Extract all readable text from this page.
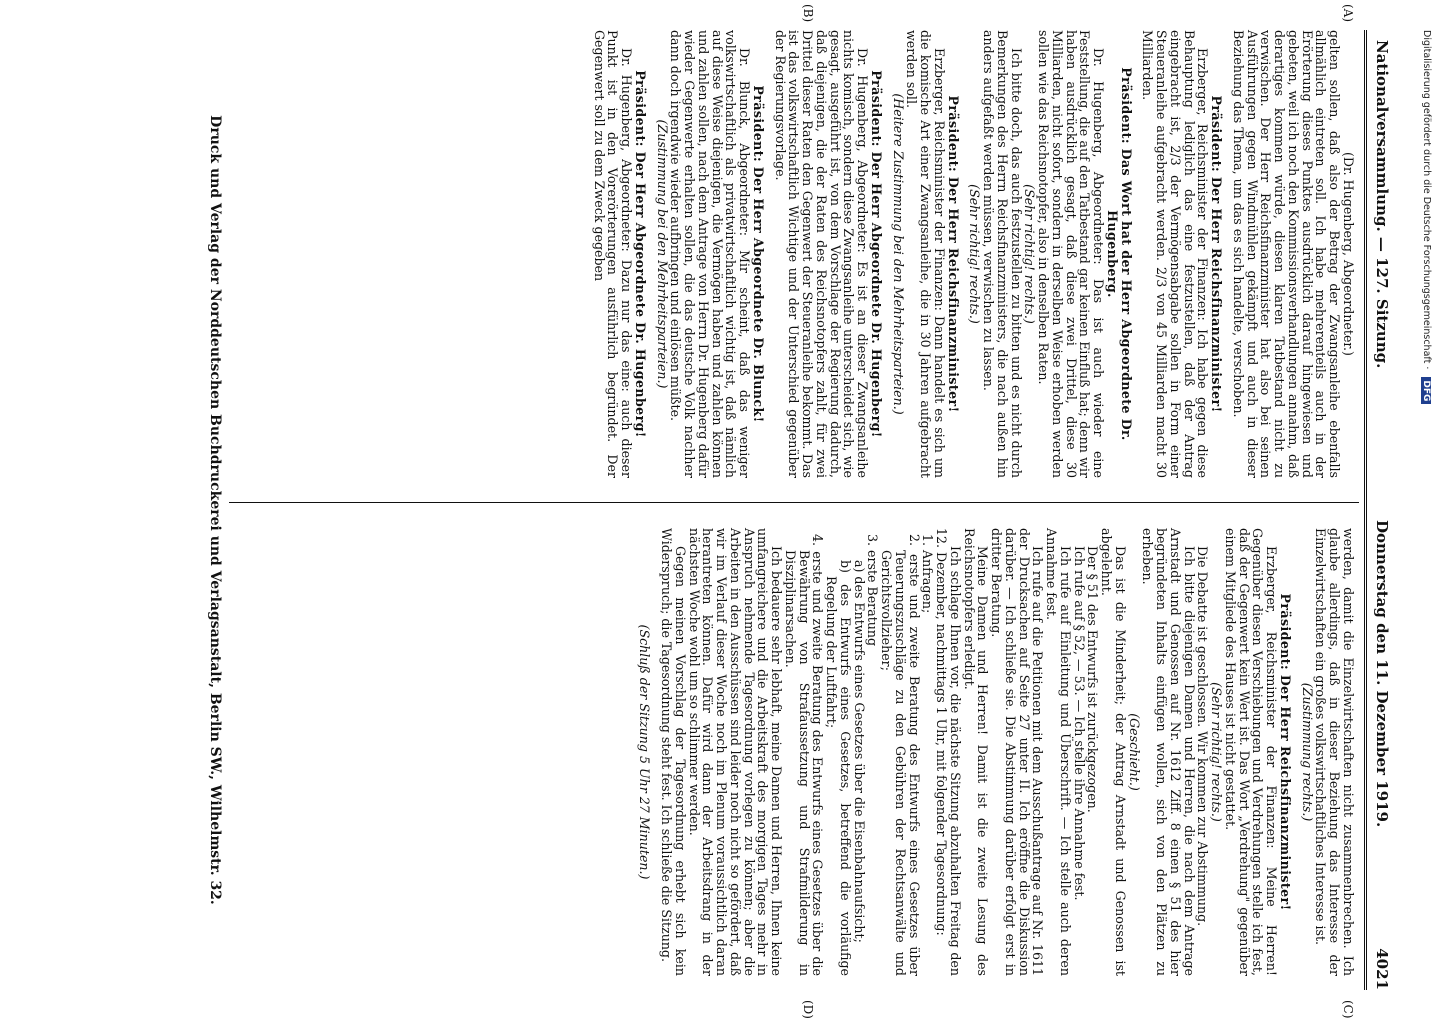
Nationalversammlung. — 127. Sitzung.
Donnerstag den 11. Dezember 1919.
4021
(A)
(B)
(C)
(D)

(Dr. Hugenberg, Abgeordneter.)

gelten sollen, daß also der Betrag der Zwangsanleihe ebenfalls allmählich eintreten soll. Ich habe mehrerenteils auch in der Erörterung dieses Punktes ausdrücklich darauf hingewiesen und gebeten, weil ich noch den Kommissionsverhandlungen annahm, daß derartiges kommen würde, diesen klaren Tatbestand nicht zu verwischen. Der Herr Reichsfinanzminister hat also bei seinen Ausführungen gegen Windmühlen gekämpft und auch in dieser Beziehung das Thema, um das es sich handelte, verschoben.

Präsident: Der Herr Reichsfinanzminister!

Erzberger, Reichsminister der Finanzen: Ich habe gegen diese Behauptung lediglich das eine festzustellen, daß der Antrag eingebracht ist, 2/3 der Vermögensabgabe sollen in Form einer Steueranleihe aufgebracht werden. 2/3 von 45 Milliarden macht 30 Milliarden.

Präsident: Das Wort hat der Herr Abgeordnete Dr. Hugenberg.

Dr. Hugenberg, Abgeordneter: Das ist auch wieder eine Feststellung, die auf den Tatbestand gar keinen Einfluß hat; denn wir haben ausdrücklich gesagt, daß diese zwei Drittel, diese 30 Milliarden, nicht sofort, sondern in derselben Weise erhoben werden sollen wie das Reichsnotopfer, also in denselben Raten.

(Sehr richtig! rechts.)

Ich bitte doch, das auch festzustellen zu bitten und es nicht durch Bemerkungen des Herrn Reichsfinanzministers, die nach außen hin anders aufgefaßt werden müssen, verwischen zu lassen.

(Sehr richtig! rechts.)

Präsident: Der Herr Reichsfinanzminister!

Erzberger, Reichsminister der Finanzen: Dann handelt es sich um die komische Art einer Zwangsanleihe, die in 30 Jahren aufgebracht werden soll.

(Heitere Zustimmung bei den Mehrheitsparteien.)

Präsident: Der Herr Abgeordnete Dr. Hugenberg!

Dr. Hugenberg, Abgeordneter: Es ist an dieser Zwangsanleihe nichts komisch, sondern diese Zwangsanleihe unterscheidet sich, wie gesagt, ausgeführt ist, von dem Vorschlage der Regierung dadurch, daß diejenigen, die der Raten des Reichsnotopfers zahlt, für zwei Drittel dieser Raten den Gegenwert der Steueranleihe bekommt. Das ist das volkswirtschaftlich Wichtige und der Unterschied gegenüber der Regierungsvorlage.

Präsident: Der Herr Abgeordnete Dr. Blunck!

Dr. Blunck, Abgeordneter: Mir scheint, daß das weniger volkswirtschaftlich als privatwirtschaftlich wichtig ist, daß nämlich auf diese Weise diejenigen, die Vermögen haben und zahlen können und zahlen sollen, nach dem Antrage von Herrn Dr. Hugenberg dafür wieder Gegenwerte erhalten sollen, die das deutsche Volk nachher dann doch irgendwie wieder aufbringen und einlösen müßte.

(Zustimmung bei den Mehrheitsparteien.)

Präsident: Der Herr Abgeordnete Dr. Hugenberg!

Dr. Hugenberg, Abgeordneter: Dazu nur das eine: auch dieser Punkt ist in den Vorerörterungen ausführlich begründet. Der Gegenwert soll zu dem Zweck gegeben

werden, damit die Einzelwirtschaften nicht zusammenbrechen. Ich glaube allerdings, daß in dieser Beziehung das Interesse der Einzelwirtschaften ein großes volkswirtschaftliches Interesse ist.

(Zustimmung rechts.)

Präsident: Der Herr Reichsfinanzminister!

Erzberger, Reichsminister der Finanzen: Meine Herren! Gegenüber diesen Verschiebungen und Verdrehungen stelle ich fest, daß der Gegenwert kein Wert ist. Das Wort „Verdrehung" gegenüber einem Mitgliede des Hauses ist nicht gestattet.

(Sehr richtig! rechts.)

Die Debatte ist geschlossen. Wir kommen zur Abstimmung.

Ich bitte diejenigen Damen und Herren, die nach dem Antrage Arnstadt und Genossen auf Nr. 1612 Ziff. 8 einen § 51 des hier begründeten Inhalts einfügen wollen, sich von den Plätzen zu erheben.

(Geschieht.)

Das ist die Minderheit; der Antrag Arnstadt und Genossen ist abgelehnt.

Der § 51 des Entwurfs ist zurückgezogen.

Ich rufe auf § 52, — 53. — Ich stelle ihre Annahme fest.

Ich rufe auf Einleitung und Überschrift. — Ich stelle auch deren Annahme fest.

Ich rufe auf die Petitionen mit dem Ausschußantrage auf Nr. 1611 der Drucksachen auf Seite 27 unter II. Ich eröffne die Diskussion darüber. — Ich schließe sie. Die Abstimmung darüber erfolgt erst in dritter Beratung.

Meine Damen und Herren! Damit ist die zweite Lesung des Reichsnotopfers erledigt.

Ich schlage Ihnen vor, die nächste Sitzung abzuhalten Freitag den 12. Dezember, nachmittags 1 Uhr, mit folgender Tagesordnung:

1. Anfragen;

2. erste und zweite Beratung des Entwurfs eines Gesetzes über Teuerungszuschläge zu den Gebühren der Rechtsanwälte und Gerichtsvollzieher;

3. erste Beratung

a) des Entwurfs eines Gesetzes über die Eisenbahnaufsicht;

b) des Entwurfs eines Gesetzes, betreffend die vorläufige Regelung der Luftfahrt;

4. erste und zweite Beratung des Entwurfs eines Gesetzes über die Bewährung von Strafaussetzung und Strafmilderung in Disziplinarsachen.

Ich bedauere sehr lebhaft, meine Damen und Herren, Ihnen keine umfangreichere und die Arbeitskraft des morgigen Tages mehr in Anspruch nehmende Tagesordnung vorlegen zu können; aber die Arbeiten in den Ausschüssen sind leider noch nicht so gefördert, daß wir im Verlauf dieser Woche noch im Plenum voraussichtlich daran herantreten können. Dafür wird dann der Arbeitsdrang in der nächsten Woche wohl um so schlimmer werden.

Gegen meinen Vorschlag der Tagesordnung erhebt sich kein Widerspruch; die Tagesordnung steht fest. Ich schließe die Sitzung.

(Schluß der Sitzung 5 Uhr 27 Minuten.)

Druck und Verlag der Norddeutschen Buchdruckerei und Verlagsanstalt, Berlin SW., Wilhelmstr. 32.	Digitalisierung gefördert durch die Deutsche Forschungsgemeinschaft · DFG
